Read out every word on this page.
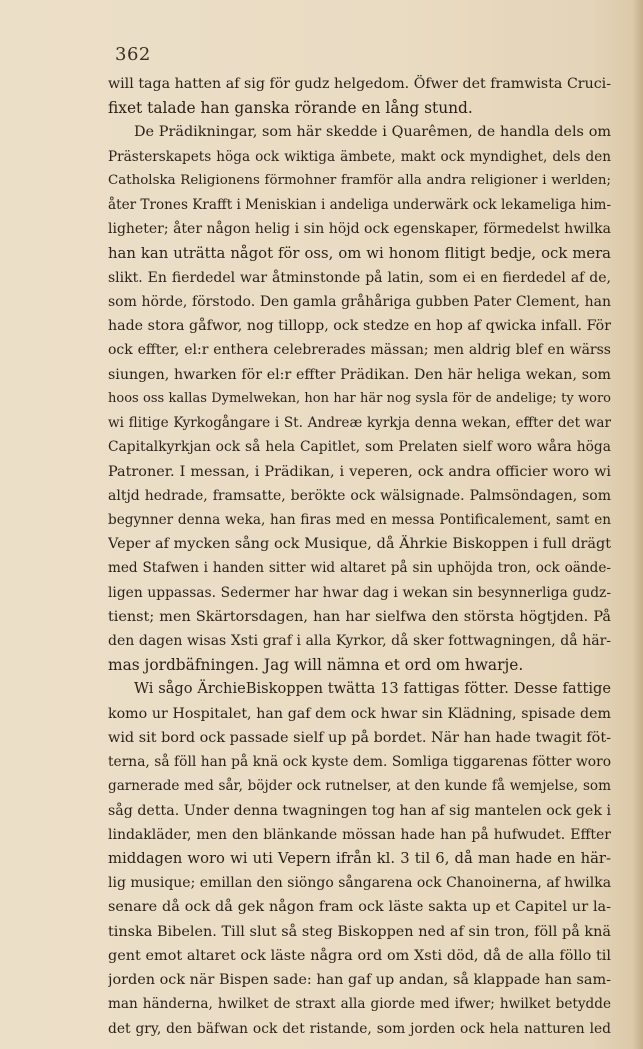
362
will taga hatten af sig för gudz helgedom. Öfwer det framwista Cruci-
fixet talade han ganska rörande en lång stund.
De Prädikningar, som här skedde i Quarêmen, de handla dels om
Prästerskapets höga ock wiktiga ämbete, makt ock myndighet, dels den
Catholska Religionens förmohner framför alla andra religioner i werlden;
åter Trones Krafft i Meniskian i andeliga underwärk ock lekameliga him-
ligheter; åter någon helig i sin höjd ock egenskaper, förmedelst hwilka
han kan uträtta något för oss, om wi honom flitigt bedje, ock mera
slikt. En fierdedel war åtminstonde på latin, som ei en fierdedel af de,
som hörde, förstodo. Den gamla gråhåriga gubben Pater Clement, han
hade stora gåfwor, nog tillopp, ock stedze en hop af qwicka infall. För
ock effter, el:r enthera celebrerades mässan; men aldrig blef en wärss
siungen, hwarken för el:r effter Prädikan. Den här heliga wekan, som
hoos oss kallas Dymelwekan, hon har här nog sysla för de andelige; ty woro
wi flitige Kyrkogångare i St. Andreæ kyrkja denna wekan, effter det war
Capitalkyrkjan ock så hela Capitlet, som Prelaten sielf woro wåra höga
Patroner. I messan, i Prädikan, i veperen, ock andra officier woro wi
altjd hedrade, framsatte, berökte ock wälsignade. Palmsöndagen, som
begynner denna weka, han firas med en messa Pontificalement, samt en
Veper af mycken sång ock Musique, då Ährkie Biskoppen i full drägt
med Stafwen i handen sitter wid altaret på sin uphöjda tron, ock oände-
ligen uppassas. Sedermer har hwar dag i wekan sin besynnerliga gudz-
tienst; men Skärtorsdagen, han har sielfwa den största högtjden. På
den dagen wisas Xsti graf i alla Kyrkor, då sker fottwagningen, då här-
mas jordbäfningen. Jag will nämna et ord om hwarje.
Wi sågo ÄrchieBiskoppen twätta 13 fattigas fötter. Desse fattige
komo ur Hospitalet, han gaf dem ock hwar sin Klädning, spisade dem
wid sit bord ock passade sielf up på bordet. När han hade twagit föt-
terna, så föll han på knä ock kyste dem. Somliga tiggarenas fötter woro
garnerade med sår, böjder ock rutnelser, at den kunde få wemjelse, som
såg detta. Under denna twagningen tog han af sig mantelen ock gek i
lindakläder, men den blänkande mössan hade han på hufwudet. Effter
middagen woro wi uti Vepern ifrån kl. 3 til 6, då man hade en här-
lig musique; emillan den siöngo sångarena ock Chanoinerna, af hwilka
senare då ock då gek någon fram ock läste sakta up et Capitel ur la-
tinska Bibelen. Till slut så steg Biskoppen ned af sin tron, föll på knä
gent emot altaret ock läste några ord om Xsti död, då de alla föllo til
jorden ock när Bispen sade: han gaf up andan, så klappade han sam-
man händerna, hwilket de straxt alla giorde med ifwer; hwilket betydde
det gry, den bäfwan ock det ristande, som jorden ock hela natturen led
